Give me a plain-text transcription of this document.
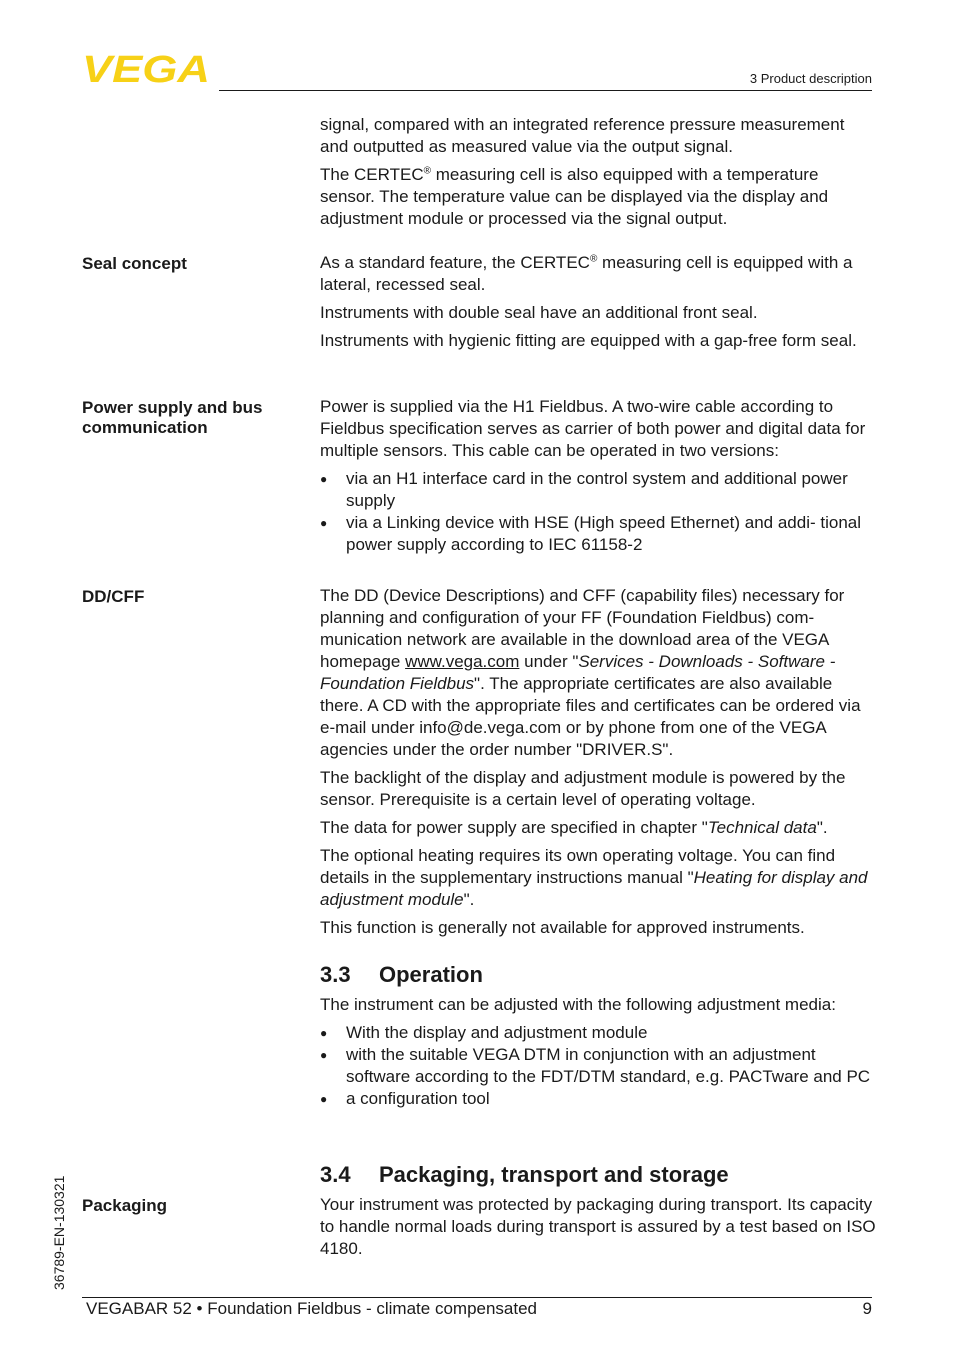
VEGA	3 Product description

signal, compared with an integrated reference pressure measurement and outputted as measured value via the output signal.

The CERTEC® measuring cell is also equipped with a temperature sensor. The temperature value can be displayed via the display and adjustment module or processed via the signal output.

Seal concept	As a standard feature, the CERTEC® measuring cell is equipped with a lateral, recessed seal.

Instruments with double seal have an additional front seal.

Instruments with hygienic fitting are equipped with a gap-free form seal.

Power supply and bus communication

Power is supplied via the H1 Fieldbus. A two-wire cable according to Fieldbus specification serves as carrier of both power and digital data for multiple sensors. This cable can be operated in two versions:

● via an H1 interface card in the control system and additional power supply
● via a Linking device with HSE (High speed Ethernet) and addi- tional power supply according to IEC 61158-2
DD/CFF	The DD (Device Descriptions) and CFF (capability files) necessary for planning and configuration of your FF (Foundation Fieldbus) com- munication network are available in the download area of the VEGA homepage www.vega.com under "Services - Downloads - Software - Foundation Fieldbus". The appropriate certificates are also available there. A CD with the appropriate files and certificates can be ordered via e-mail under info@de.vega.com or by phone from one of the VEGA agencies under the order number "DRIVER.S".

The backlight of the display and adjustment module is powered by the sensor. Prerequisite is a certain level of operating voltage.

The data for power supply are specified in chapter "Technical data".

The optional heating requires its own operating voltage. You can find details in the supplementary instructions manual "Heating for display and adjustment module".

This function is generally not available for approved instruments.

3.3 Operation

The instrument can be adjusted with the following adjustment media:

● With the display and adjustment module
● with the suitable VEGA DTM in conjunction with an adjustment software according to the FDT/DTM standard, e.g. PACTware and PC
● a configuration tool
3.4 Packaging, transport and storage
Packaging	Your instrument was protected by packaging during transport. Its capacity to handle normal loads during transport is assured by a test based on ISO 4180.

36789-EN-130321
VEGABAR 52 • Foundation Fieldbus - climate compensated	9
